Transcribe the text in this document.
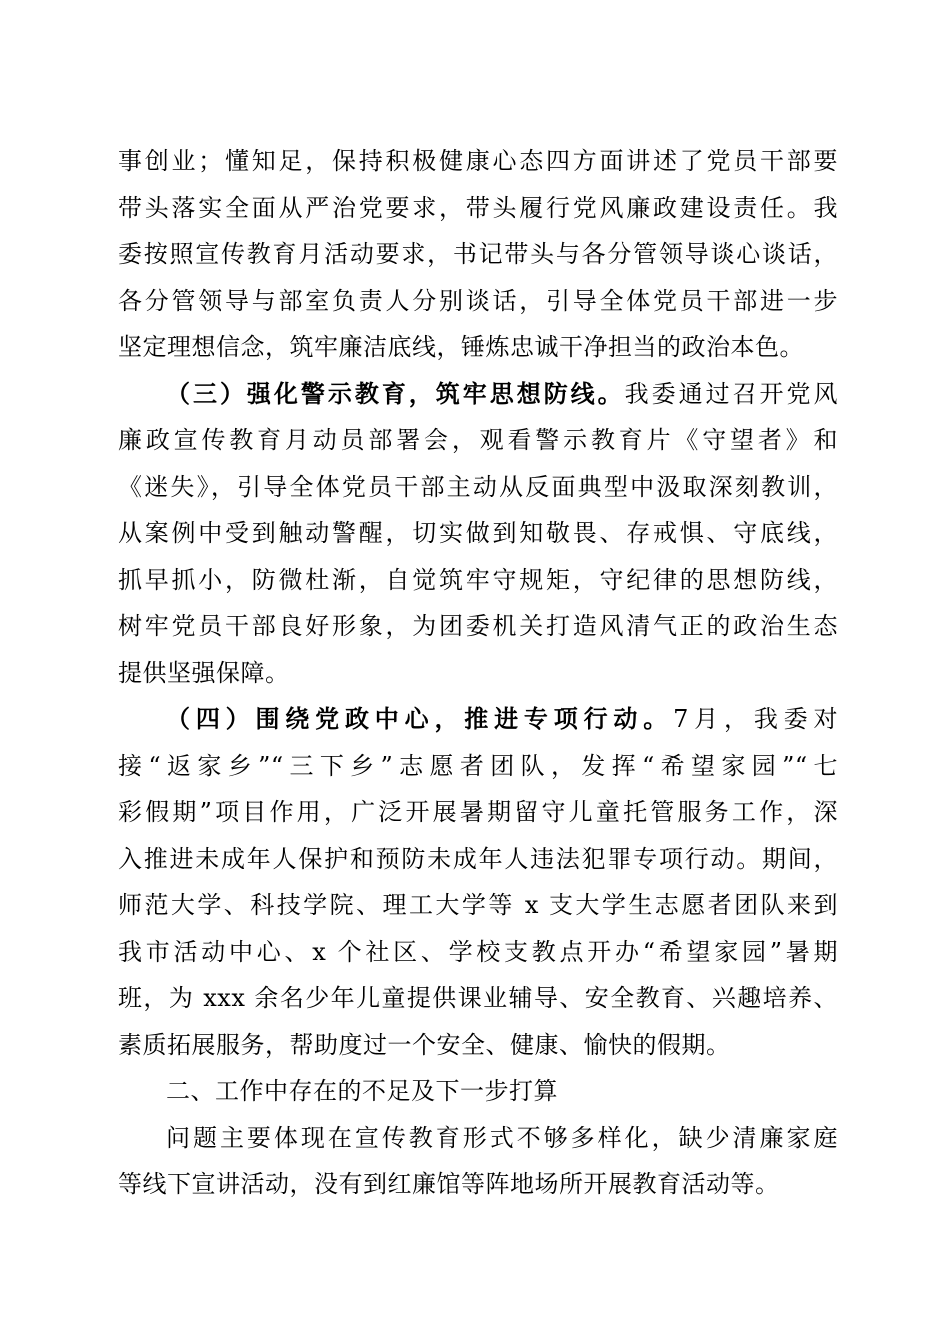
事创业；懂知足，保持积极健康心态四方面讲述了党员干部要
带头落实全面从严治党要求，带头履行党风廉政建设责任。我
委按照宣传教育月活动要求，书记带头与各分管领导谈心谈话，
各分管领导与部室负责人分别谈话，引导全体党员干部进一步
坚定理想信念，筑牢廉洁底线，锤炼忠诚干净担当的政治本色。
（三）强化警示教育，筑牢思想防线。我委通过召开党风
廉政宣传教育月动员部署会，观看警示教育片《守望者》和
《迷失》，引导全体党员干部主动从反面典型中汲取深刻教训，
从案例中受到触动警醒，切实做到知敬畏、存戒惧、守底线，
抓早抓小，防微杜渐，自觉筑牢守规矩，守纪律的思想防线，
树牢党员干部良好形象，为团委机关打造风清气正的政治生态
提供坚强保障。
（四）围绕党政中心，推进专项行动。7月，我委对
接“返家乡”“三下乡”志愿者团队，发挥“希望家园”“七
彩假期”项目作用，广泛开展暑期留守儿童托管服务工作，深
入推进未成年人保护和预防未成年人违法犯罪专项行动。期间，
师范大学、科技学院、理工大学等 x 支大学生志愿者团队来到
我市活动中心、x 个社区、学校支教点开办“希望家园”暑期
班，为 xxx 余名少年儿童提供课业辅导、安全教育、兴趣培养、
素质拓展服务，帮助度过一个安全、健康、愉快的假期。
二、工作中存在的不足及下一步打算
问题主要体现在宣传教育形式不够多样化，缺少清廉家庭
等线下宣讲活动，没有到红廉馆等阵地场所开展教育活动等。
